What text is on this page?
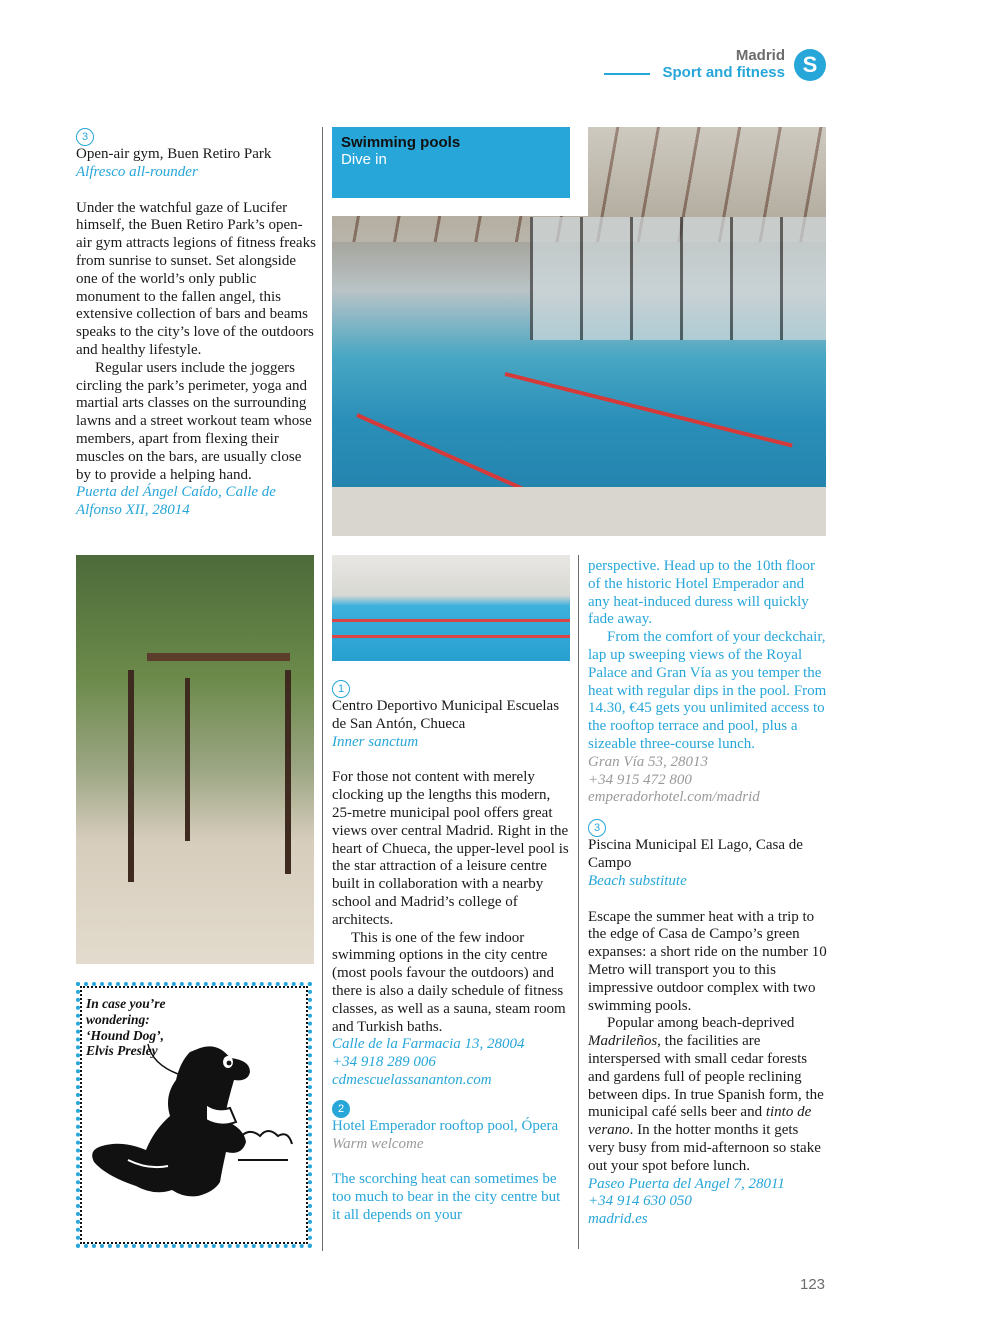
Madrid
Sport and fitness S
3

Open-air gym, Buen Retiro Park

Alfresco all-rounder

Under the watchful gaze of Lucifer himself, the Buen Retiro Park’s open-air gym attracts legions of fitness freaks from sunrise to sunset. Set alongside one of the world’s only public monument to the fallen angel, this extensive collection of bars and beams speaks to the city’s love of the outdoors and healthy lifestyle.

Regular users include the joggers circling the park’s perimeter, yoga and martial arts classes on the surrounding lawns and a street workout team whose members, apart from flexing their muscles on the bars, are usually close by to provide a helping hand.

Puerta del Ángel Caído, Calle de Alfonso XII, 28014

In case you’re wondering: ‘Hound Dog’, Elvis Presley
Swimming pools
Dive in
1

Centro Deportivo Municipal Escuelas de San Antón, Chueca

Inner sanctum

For those not content with merely clocking up the lengths this modern, 25-metre municipal pool offers great views over central Madrid. Right in the heart of Chueca, the upper-level pool is the star attraction of a leisure centre built in collaboration with a nearby school and Madrid’s college of architects.

This is one of the few indoor swimming options in the city centre (most pools favour the outdoors) and there is also a daily schedule of fitness classes, as well as a sauna, steam room and Turkish baths.

Calle de la Farmacia 13, 28004

+34 918 289 006

cdmescuelassananton.com

2

Hotel Emperador rooftop pool, Ópera

Warm welcome

The scorching heat can sometimes be too much to bear in the city centre but it all depends on your

perspective. Head up to the 10th floor of the historic Hotel Emperador and any heat-induced duress will quickly fade away.

From the comfort of your deckchair, lap up sweeping views of the Royal Palace and Gran Vía as you temper the heat with regular dips in the pool. From 14.30, €45 gets you unlimited access to the rooftop terrace and pool, plus a sizeable three-course lunch.

Gran Vía 53, 28013

+34 915 472 800

emperadorhotel.com/madrid

3

Piscina Municipal El Lago, Casa de Campo

Beach substitute

Escape the summer heat with a trip to the edge of Casa de Campo’s green expanses: a short ride on the number 10 Metro will transport you to this impressive outdoor complex with two swimming pools.

Popular among beach-deprived Madrileños, the facilities are interspersed with small cedar forests and gardens full of people reclining between dips. In true Spanish form, the municipal café sells beer and tinto de verano. In the hotter months it gets very busy from mid-afternoon so stake out your spot before lunch.

Paseo Puerta del Angel 7, 28011

+34 914 630 050

madrid.es

123
